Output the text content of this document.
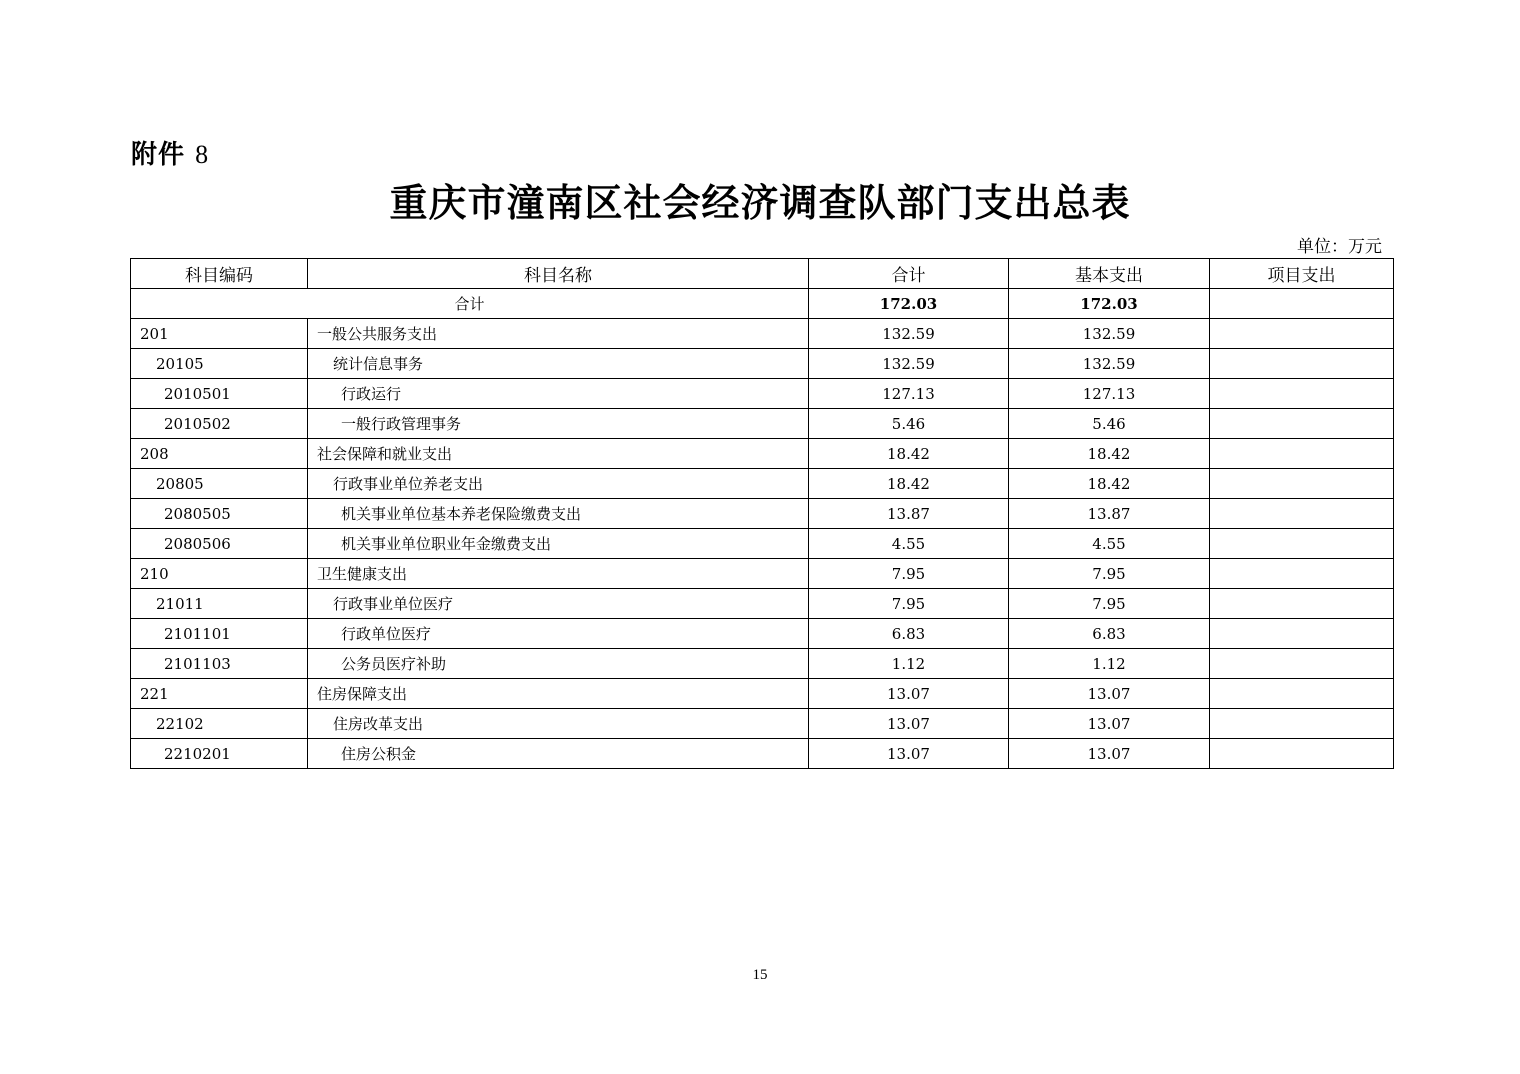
附件 8
重庆市潼南区社会经济调查队部门支出总表
单位：万元
科目编码	科目名称	合计	基本支出	项目支出
合计		172.03	172.03	
201	一般公共服务支出	132.59	132.59	
20105	统计信息事务	132.59	132.59	
2010501	行政运行	127.13	127.13	
2010502	一般行政管理事务	5.46	5.46	
208	社会保障和就业支出	18.42	18.42	
20805	行政事业单位养老支出	18.42	18.42	
2080505	机关事业单位基本养老保险缴费支出	13.87	13.87	
2080506	机关事业单位职业年金缴费支出	4.55	4.55	
210	卫生健康支出	7.95	7.95	
21011	行政事业单位医疗	7.95	7.95	
2101101	行政单位医疗	6.83	6.83	
2101103	公务员医疗补助	1.12	1.12	
221	住房保障支出	13.07	13.07	
22102	住房改革支出	13.07	13.07	
2210201	住房公积金	13.07	13.07	
15
